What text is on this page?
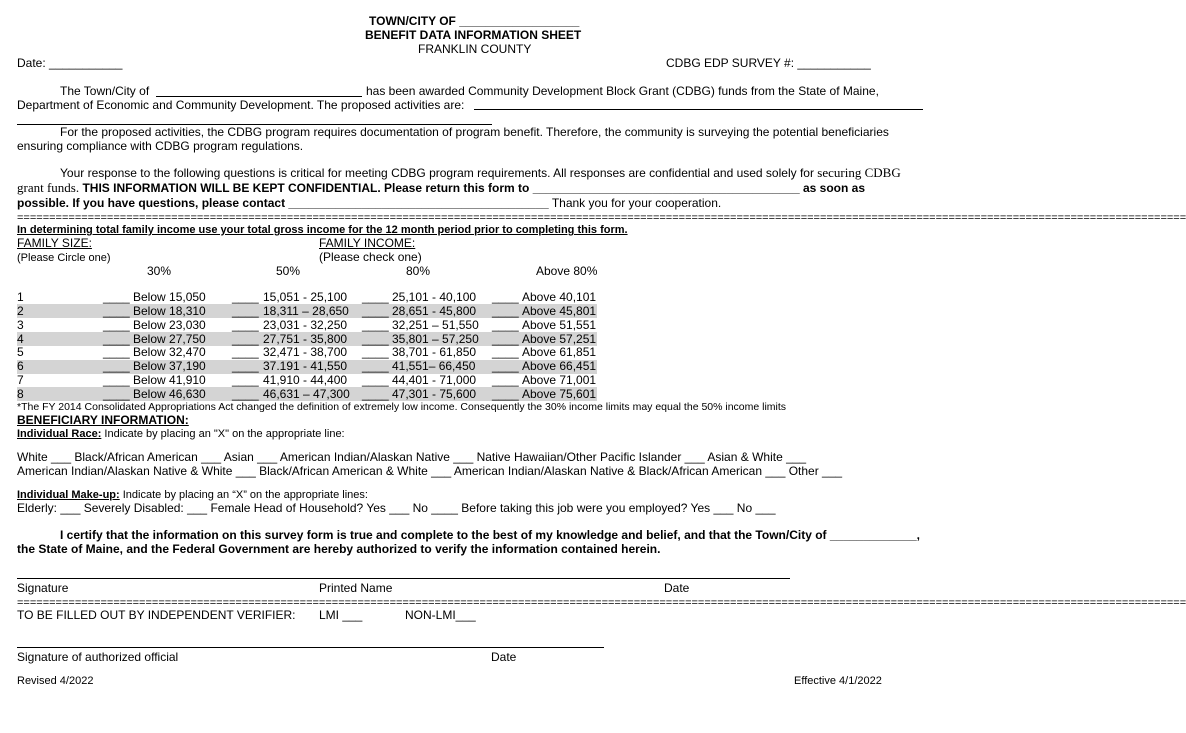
TOWN/CITY OF __________________
BENEFIT DATA INFORMATION SHEET
FRANKLIN COUNTY
Date: ___________	CDBG EDP SURVEY #: ___________
The Town/City of	has been awarded Community Development Block Grant (CDBG) funds from the State of Maine,
Department of Economic and Community Development. The proposed activities are:
For the proposed activities, the CDBG program requires documentation of program benefit. Therefore, the community is surveying the potential beneficiaries
ensuring compliance with CDBG program regulations.
Your response to the following questions is critical for meeting CDBG program requirements. All responses are confidential and used solely for securing CDBG
grant funds. THIS INFORMATION WILL BE KEPT CONFIDENTIAL. Please return this form to ________________________________________ as soon as
possible. If you have questions, please contact _______________________________________ Thank you for your cooperation.
======================================================================================================================================================================================
In determining total family income use your total gross income for the 12 month period prior to completing this form.
FAMILY SIZE:
(Please Circle one)
FAMILY INCOME:
(Please check one)
30%	50%	80%	Above 80%
1	____ Below 15,050 ____ 15,051 - 25,100 ____ 25,101 - 40,100 ____ Above 40,101
2	____ Below 18,310 ____ 18,311 – 28,650 ____ 28,651 - 45,800 ____ Above 45,801
3	____ Below 23,030 ____ 23,031 - 32,250 ____ 32,251 – 51,550 ____ Above 51,551
4	____ Below 27,750 ____ 27,751 - 35,800 ____ 35,801 – 57,250 ____ Above 57,251
5	____ Below 32,470 ____ 32,471 - 38,700 ____ 38,701 - 61,850 ____ Above 61,851
6	____ Below 37,190 ____ 37.191 - 41,550 ____ 41,551– 66,450 ____ Above 66,451
7	____ Below 41,910 ____ 41,910 - 44,400 ____ 44,401 - 71,000 ____ Above 71,001
8	____ Below 46,630 ____ 46,631 – 47,300 ____ 47,301 - 75,600 ____ Above 75,601
*The FY 2014 Consolidated Appropriations Act changed the definition of extremely low income. Consequently the 30% income limits may equal the 50% income limits
BENEFICIARY INFORMATION:
Individual Race: Indicate by placing an "X" on the appropriate line:
White ___ Black/African American ___ Asian ___ American Indian/Alaskan Native ___ Native Hawaiian/Other Pacific Islander ___ Asian & White ___
American Indian/Alaskan Native & White ___ Black/African American & White ___ American Indian/Alaskan Native & Black/African American ___ Other ___
Individual Make-up: Indicate by placing an “X” on the appropriate lines:
Elderly: ___ Severely Disabled: ___ Female Head of Household? Yes ___ No ____ Before taking this job were you employed? Yes ___ No ___
I certify that the information on this survey form is true and complete to the best of my knowledge and belief, and that the Town/City of _____________,
the State of Maine, and the Federal Government are hereby authorized to verify the information contained herein.
Signature	Printed Name	Date
======================================================================================================================================================================================
TO BE FILLED OUT BY INDEPENDENT VERIFIER: LMI ___	NON-LMI___
Signature of authorized official	Date
Revised 4/2022	Effective 4/1/2022
